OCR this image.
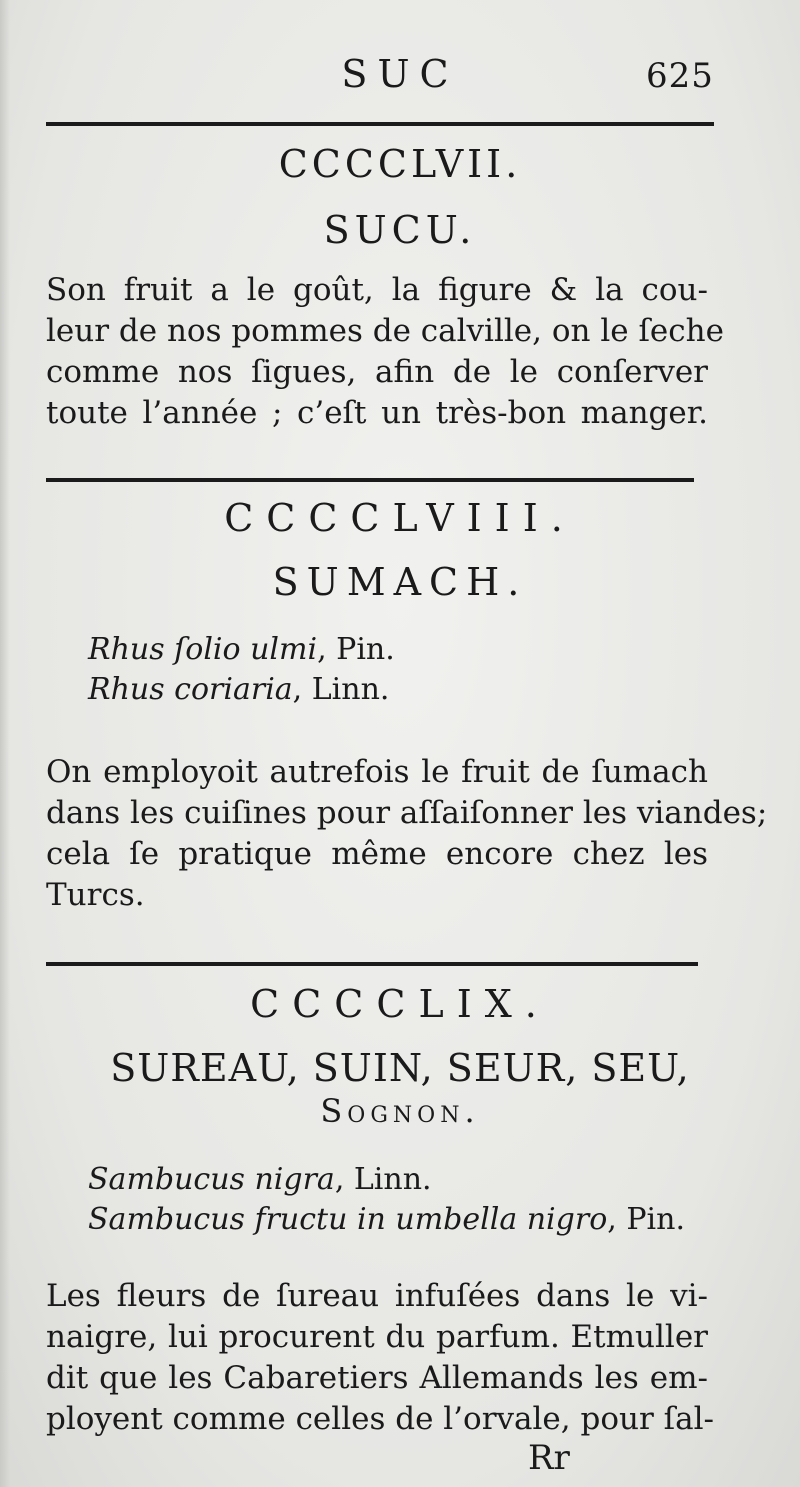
SUC	625
CCCCLVII.
SUCU.
Son fruit a le goût, la figure & la cou-
leur de nos pommes de calville, on le ſeche
comme nos ſigues, afin de le conſerver
toute l’année ; c’eſt un très-bon manger.
CCCCLVIII.
SUMACH.
Rhus ſolio ulmi, Pin.
Rhus coriaria, Linn.
On employoit autrefois le fruit de ſumach
dans les cuiſines pour aſſaiſonner les viandes;
cela ſe pratique même encore chez les
Turcs.
CCCCLIX.
SUREAU, SUIN, SEUR, SEU,
Sognon.
Sambucus nigra, Linn.
Sambucus fructu in umbella nigro, Pin.
Les fleurs de ſureau infuſées dans le vi-
naigre, lui procurent du parfum. Etmuller
dit que les Cabaretiers Allemands les em-
ployent comme celles de l’orvale, pour ſal-
Rr
